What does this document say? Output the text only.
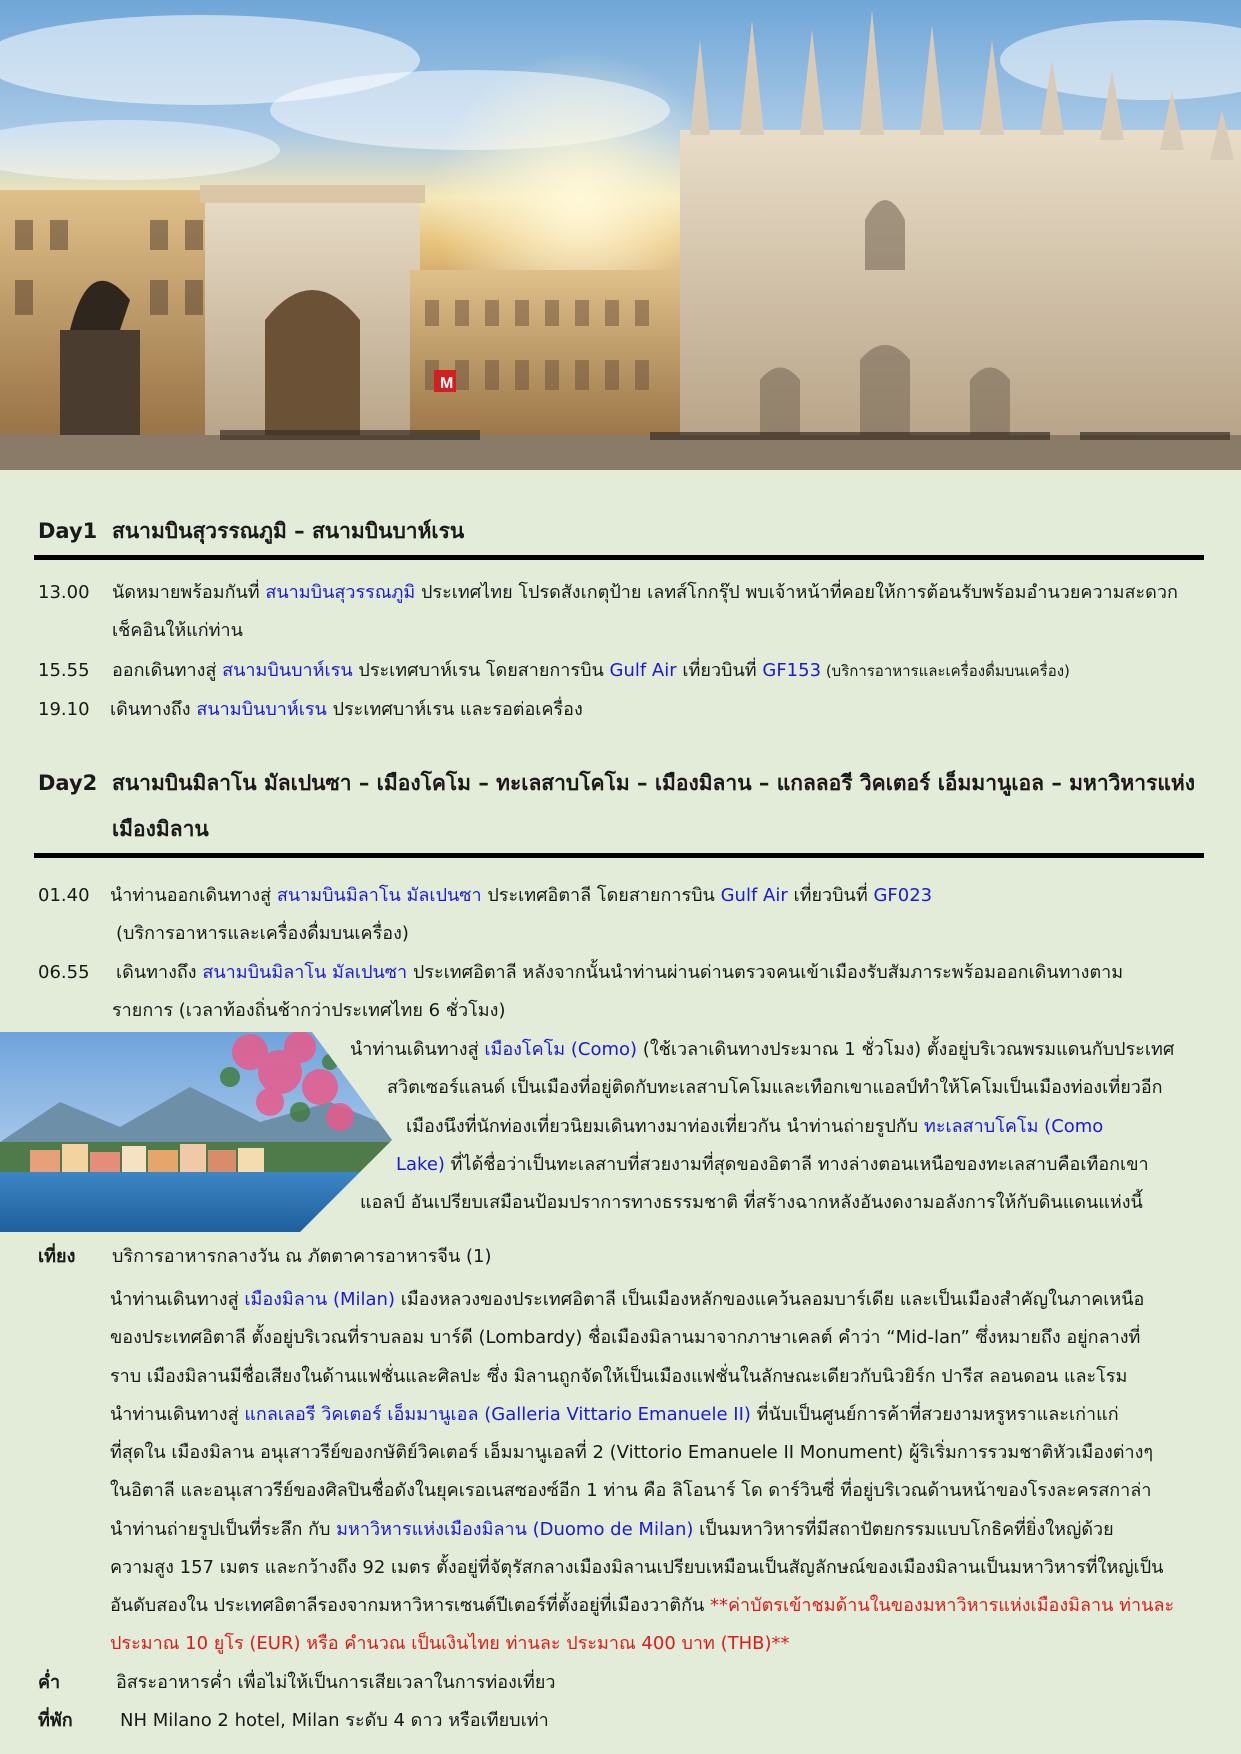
M
Day1 สนามบินสุวรรณภูมิ – สนามบินบาห์เรน
13.00 นัดหมายพร้อมกันที่ สนามบินสุวรรณภูมิ ประเทศไทย โปรดสังเกตุป้าย เลทส์โกกรุ๊ป พบเจ้าหน้าที่คอยให้การต้อนรับพร้อมอำนวยความสะดวก
เช็คอินให้แก่ท่าน
15.55 ออกเดินทางสู่ สนามบินบาห์เรน ประเทศบาห์เรน โดยสายการบิน Gulf Air เที่ยวบินที่ GF153 (บริการอาหารและเครื่องดื่มบนเครื่อง)
19.10 เดินทางถึง สนามบินบาห์เรน ประเทศบาห์เรน และรอต่อเครื่อง
Day2 สนามบินมิลาโน มัลเปนซา – เมืองโคโม – ทะเลสาบโคโม – เมืองมิลาน – แกลลอรี วิคเตอร์ เอ็มมานูเอล – มหาวิหารแห่ง
เมืองมิลาน
01.40 นำท่านออกเดินทางสู่ สนามบินมิลาโน มัลเปนซา ประเทศอิตาลี โดยสายการบิน Gulf Air เที่ยวบินที่ GF023
(บริการอาหารและเครื่องดื่มบนเครื่อง)
06.55 เดินทางถึง สนามบินมิลาโน มัลเปนซา ประเทศอิตาลี หลังจากนั้นนำท่านผ่านด่านตรวจคนเข้าเมืองรับสัมภาระพร้อมออกเดินทางตาม
รายการ (เวลาท้องถิ่นช้ากว่าประเทศไทย 6 ชั่วโมง)
นำท่านเดินทางสู่ เมืองโคโม (Como) (ใช้เวลาเดินทางประมาณ 1 ชั่วโมง) ตั้งอยู่บริเวณพรมแดนกับประเทศ
สวิตเซอร์แลนด์ เป็นเมืองที่อยู่ติดกับทะเลสาบโคโมและเทือกเขาแอลป์ทำให้โคโมเป็นเมืองท่องเที่ยวอีก
เมืองนึงที่นักท่องเที่ยวนิยมเดินทางมาท่องเที่ยวกัน นำท่านถ่ายรูปกับ ทะเลสาบโคโม (Como
Lake) ที่ได้ชื่อว่าเป็นทะเลสาบที่สวยงามที่สุดของอิตาลี ทางล่างตอนเหนือของทะเลสาบคือเทือกเขา
แอลป์ อันเปรียบเสมือนป้อมปราการทางธรรมชาติ ที่สร้างฉากหลังอันงดงามอลังการให้กับดินแดนแห่งนี้
เที่ยง บริการอาหารกลางวัน ณ ภัตตาคารอาหารจีน (1)
นำท่านเดินทางสู่ เมืองมิลาน (Milan) เมืองหลวงของประเทศอิตาลี เป็นเมืองหลักของแคว้นลอมบาร์เดีย และเป็นเมืองสำคัญในภาคเหนือ
ของประเทศอิตาลี ตั้งอยู่บริเวณที่ราบลอม บาร์ดี (Lombardy) ชื่อเมืองมิลานมาจากภาษาเคลต์ คำว่า “Mid-lan” ซึ่งหมายถึง อยู่กลางที่
ราบ เมืองมิลานมีชื่อเสียงในด้านแฟชั่นและศิลปะ ซึ่ง มิลานถูกจัดให้เป็นเมืองแฟชั่นในลักษณะเดียวกับนิวยิร์ก ปารีส ลอนดอน และโรม
นำท่านเดินทางสู่ แกลเลอรี วิคเตอร์ เอ็มมานูเอล (Galleria Vittario Emanuele II) ที่นับเป็นศูนย์การค้าที่สวยงามหรูหราและเก่าแก่
ที่สุดใน เมืองมิลาน อนุเสาวรีย์ของกษัติย์วิคเตอร์ เอ็มมานูเอลที่ 2 (Vittorio Emanuele II Monument) ผู้ริเริ่มการรวมชาติหัวเมืองต่างๆ
ในอิตาลี และอนุเสาวรีย์ของศิลปินชื่อดังในยุคเรอเนสซองซ์อีก 1 ท่าน คือ ลิโอนาร์ โด ดาร์วินซี่ ที่อยู่บริเวณด้านหน้าของโรงละครสกาล่า
นำท่านถ่ายรูปเป็นที่ระลึก กับ มหาวิหารแห่งเมืองมิลาน (Duomo de Milan) เป็นมหาวิหารที่มีสถาปัตยกรรมแบบโกธิคที่ยิ่งใหญ่ด้วย
ความสูง 157 เมตร และกว้างถึง 92 เมตร ตั้งอยู่ที่จัตุรัสกลางเมืองมิลานเปรียบเหมือนเป็นสัญลักษณ์ของเมืองมิลานเป็นมหาวิหารที่ใหญ่เป็น
อันดับสองใน ประเทศอิตาลีรองจากมหาวิหารเซนต์ปีเตอร์ที่ตั้งอยู่ที่เมืองวาติกัน **ค่าบัตรเข้าชมด้านในของมหาวิหารแห่งเมืองมิลาน ท่านละ
ประมาณ 10 ยูโร (EUR) หรือ คำนวณ เป็นเงินไทย ท่านละ ประมาณ 400 บาท (THB)**
ค่ำ	อิสระอาหารค่ำ เพื่อไม่ให้เป็นการเสียเวลาในการท่องเที่ยว
ที่พัก	NH Milano 2 hotel, Milan ระดับ 4 ดาว หรือเทียบเท่า
